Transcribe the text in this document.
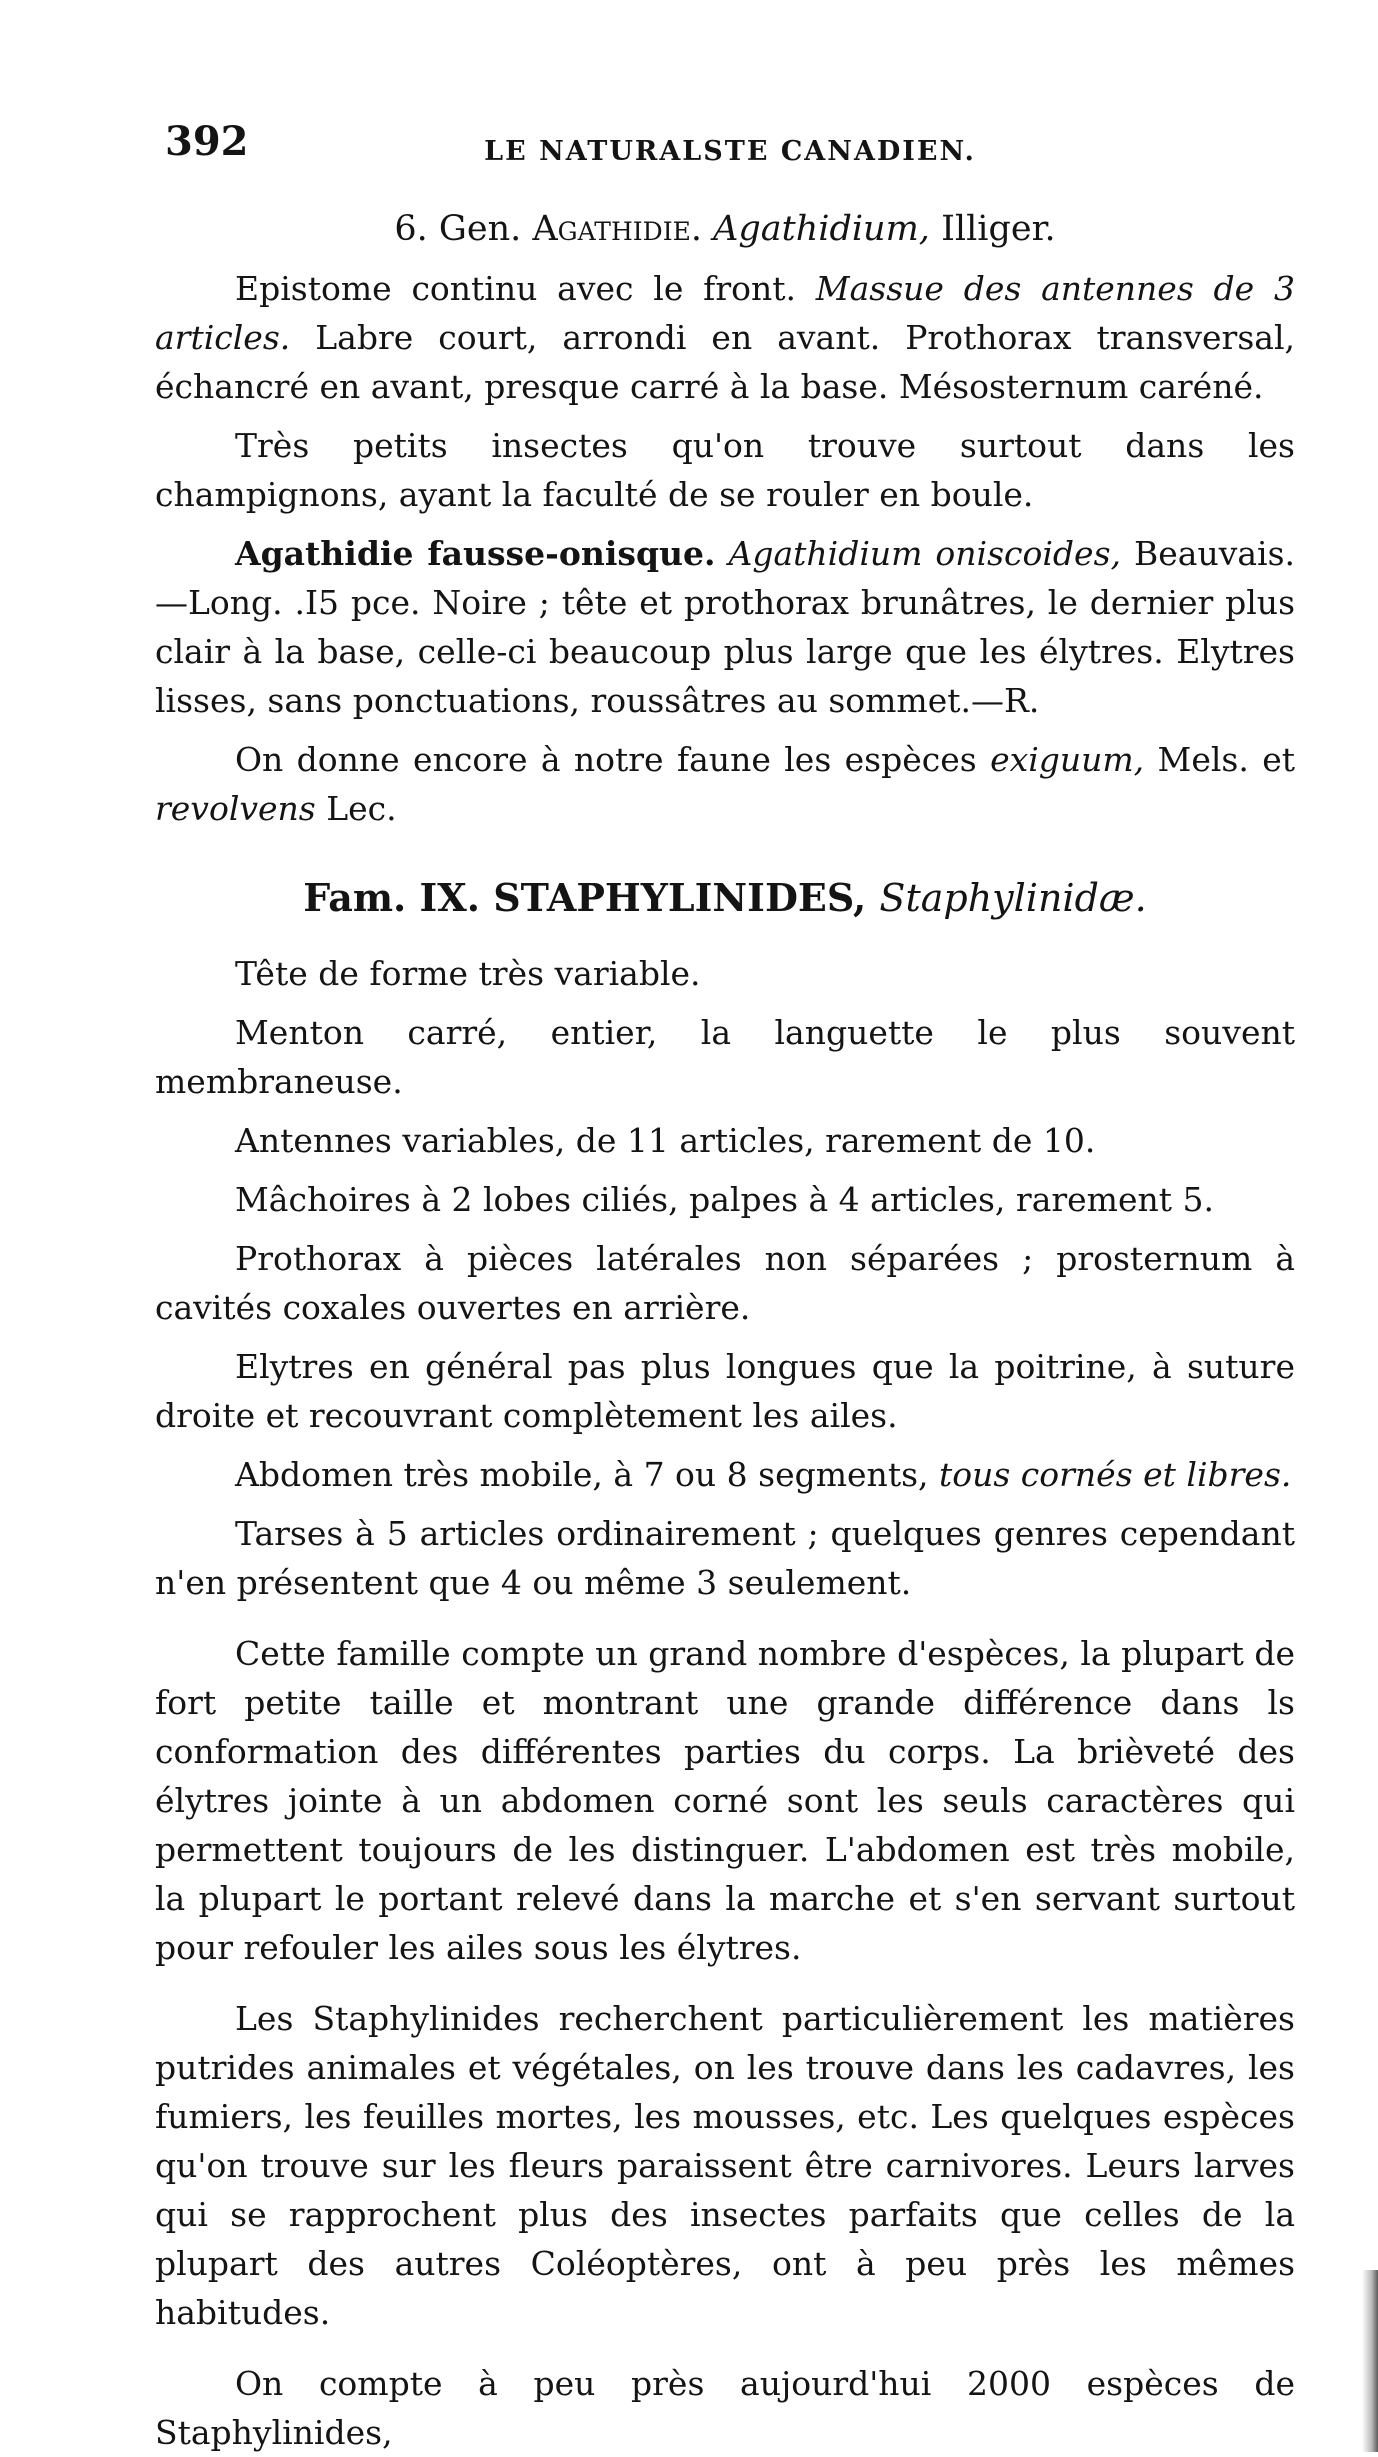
392	LE NATURALSTE CANADIEN.

6. Gen. Agathidie. Agathidium, Illiger.

Epistome continu avec le front. Massue des antennes de 3 articles. Labre court, arrondi en avant. Prothorax transversal, échancré en avant, presque carré à la base. Mésosternum caréné.

Très petits insectes qu'on trouve surtout dans les champignons, ayant la faculté de se rouler en boule.

Agathidie fausse-onisque. Agathidium oniscoides, Beauvais.—Long. .I5 pce. Noire ; tête et prothorax brunâtres, le dernier plus clair à la base, celle-ci beaucoup plus large que les élytres. Elytres lisses, sans ponctuations, roussâtres au sommet.—R.

On donne encore à notre faune les espèces exiguum, Mels. et revolvens Lec.

Fam. IX. STAPHYLINIDES, Staphylinidæ.

Tête de forme très variable.

Menton carré, entier, la languette le plus souvent membraneuse.

Antennes variables, de 11 articles, rarement de 10.

Mâchoires à 2 lobes ciliés, palpes à 4 articles, rarement 5.

Prothorax à pièces latérales non séparées ; prosternum à cavités coxales ouvertes en arrière.

Elytres en général pas plus longues que la poitrine, à suture droite et recouvrant complètement les ailes.

Abdomen très mobile, à 7 ou 8 segments, tous cornés et libres.

Tarses à 5 articles ordinairement ; quelques genres cependant n'en présentent que 4 ou même 3 seulement.

Cette famille compte un grand nombre d'espèces, la plupart de fort petite taille et montrant une grande différence dans ls conformation des différentes parties du corps. La brièveté des élytres jointe à un abdomen corné sont les seuls caractères qui permettent toujours de les distinguer. L'abdomen est très mobile, la plupart le portant relevé dans la marche et s'en servant surtout pour refouler les ailes sous les élytres.

Les Staphylinides recherchent particulièrement les matières putrides animales et végétales, on les trouve dans les cadavres, les fumiers, les feuilles mortes, les mousses, etc. Les quelques espèces qu'on trouve sur les fleurs paraissent être carnivores. Leurs larves qui se rapprochent plus des insectes parfaits que celles de la plupart des autres Coléoptères, ont à peu près les mêmes habitudes.

On compte à peu près aujourd'hui 2000 espèces de Staphylinides,
